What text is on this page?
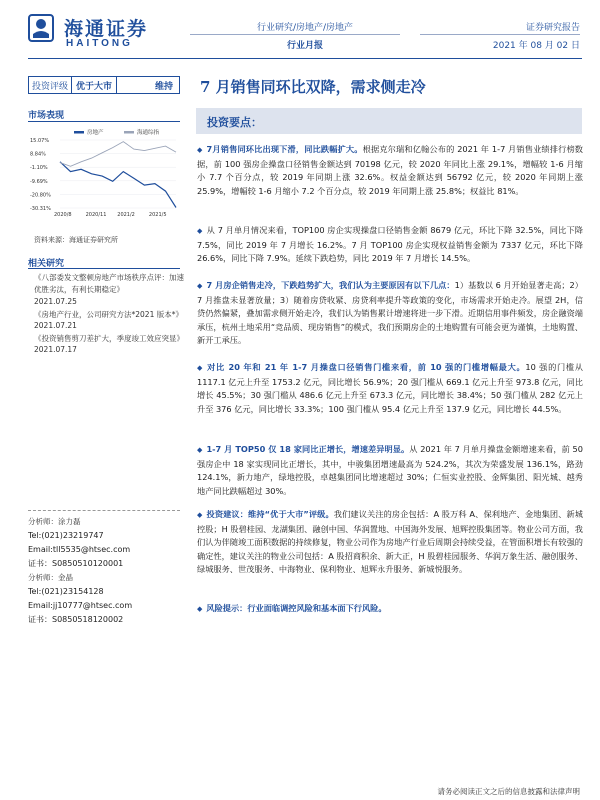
海通证券
HAITONG
行业研究/房地产/房地产
行业月报
证券研究报告
2021 年 08 月 02 日
投资评级 优于大市	维持	7 月销售同环比双降，需求侧走冷
市场表现
房地产	海通综指
15.07%
8.84%
-1.10%
-9.69%
-20.80%
-30.31%
2020/8	2020/11 2021/2	2021/5
资料来源：海通证券研究所
相关研究
《八部委发文整顿房地产市场秩序点评：加速优胜劣汰，有利长期稳定》
2021.07.25
《房地产行业，公司研究方法*2021 版本*》2021.07.21
《投资销售剪刀差扩大，季度竣工效应突显》2021.07.17
分析师：涂力磊
Tel:(021)23219747
Email:tll5535@htsec.com
证书：S0850510120001
分析师：金晶
Tel:(021)23154128
Email:jj10777@htsec.com
证书：S0850518120002
投资要点：
◆ 7月销售同环比出现下滑，同比跌幅扩大。根据克尔瑞和亿翰公布的 2021 年 1-7 月销售业绩排行榜数据，前 100 强房企操盘口径销售金额达到 70198 亿元，较 2020 年同比上涨 29.1%，增幅较 1-6 月缩小 7.7 个百分点，较 2019 年同期上涨 32.6%。权益金额达到 56792 亿元，较 2020 年同期上涨 25.9%，增幅较 1-6 月缩小 7.2 个百分点，较 2019 年同期上涨 25.8%；权益比 81%。
◆ 从 7 月单月情况来看，TOP100 房企实现操盘口径销售金额 8679 亿元，环比下降 32.5%，同比下降 7.5%，同比 2019 年 7 月增长 16.2%。7 月 TOP100 房企实现权益销售金额为 7337 亿元，环比下降 26.6%，同比下降 7.9%。延续下跌趋势，同比 2019 年 7 月增长 14.5%。
◆ 7 月房企销售走冷，下跌趋势扩大，我们认为主要原因有以下几点：1）基数以 6 月开始显著走高；2）7 月推盘未显著放量；3）随着房贷收紧、房贷利率提升等政策的变化，市场需求开始走冷。展望 2H，信贷仍然偏紧，叠加需求侧开始走冷，我们认为销售累计增速将进一步下滑。近期信用事件频发，房企融资端承压，杭州土地采用“竞品质、现房销售”的模式，我们预期房企的土地购置有可能会更为谨慎，土地购置、新开工承压。
◆ 对比 20 年和 21 年 1-7 月操盘口径销售门槛来看，前 10 强的门槛增幅最大。10 强的门槛从 1117.1 亿元上升至 1753.2 亿元，同比增长 56.9%；20 强门槛从 669.1 亿元上升至 973.8 亿元，同比增长 45.5%；30 强门槛从 486.6 亿元上升至 673.3 亿元，同比增长 38.4%；50 强门槛从 282 亿元上升至 376 亿元，同比增长 33.3%；100 强门槛从 95.4 亿元上升至 137.9 亿元，同比增长 44.5%。
◆ 1-7 月 TOP50 仅 18 家同比正增长，增速差异明显。从 2021 年 7 月单月操盘金额增速来看，前 50 强房企中 18 家实现同比正增长，其中，中骏集团增速最高为 524.2%，其次为荣盛发展 136.1%，路劲 124.1%，新力地产，绿地控股，卓越集团同比增速超过 30%；仁恒实业控股、金辉集团、阳光城、越秀地产同比跌幅超过 30%。
◆ 投资建议：维持“优于大市”评级。我们建议关注的房企包括：A 股万科 A、保利地产、金地集团、新城控股；H 股碧桂园、龙湖集团、融创中国、华润置地、中国海外发展、旭辉控股集团等。物业公司方面，我们认为伴随竣工面积数据的持续修复，物业公司作为房地产行业后周期会持续受益，在管面积增长有较强的确定性，建议关注的物业公司包括：A 股招商积余、新大正，H 股碧桂园服务、华润万象生活、融创服务、绿城服务、世茂服务、中海物业、保利物业、旭辉永升服务、新城悦服务。
◆ 风险提示：行业面临调控风险和基本面下行风险。
请务必阅读正文之后的信息披露和法律声明
